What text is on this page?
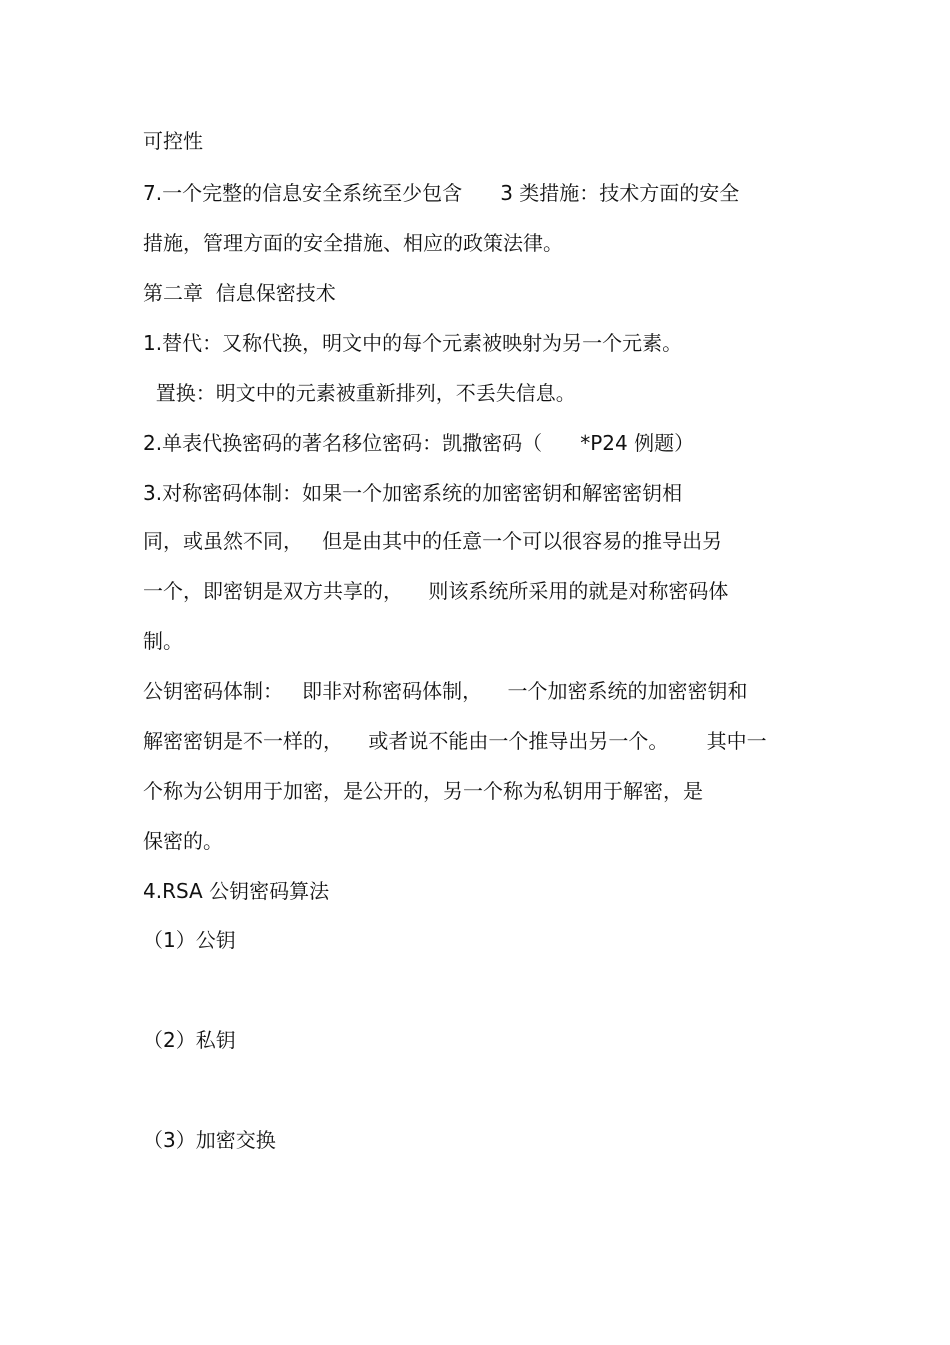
可控性

7.一个完整的信息安全系统至少包含      3 类措施：技术方面的安全

措施，管理方面的安全措施、相应的政策法律。

第二章  信息保密技术

1.替代：又称代换，明文中的每个元素被映射为另一个元素。

置换：明文中的元素被重新排列，不丢失信息。

2.单表代换密码的著名移位密码：凯撒密码（      *P24 例题）

3.对称密码体制：如果一个加密系统的加密密钥和解密密钥相

同，或虽然不同，   但是由其中的任意一个可以很容易的推导出另

一个，即密钥是双方共享的，    则该系统所采用的就是对称密码体

制。

公钥密码体制：   即非对称密码体制，    一个加密系统的加密密钥和

解密密钥是不一样的，    或者说不能由一个推导出另一个。      其中一

个称为公钥用于加密，是公开的，另一个称为私钥用于解密，是

保密的。

4.RSA 公钥密码算法

（1）公钥

（2）私钥

（3）加密交换
